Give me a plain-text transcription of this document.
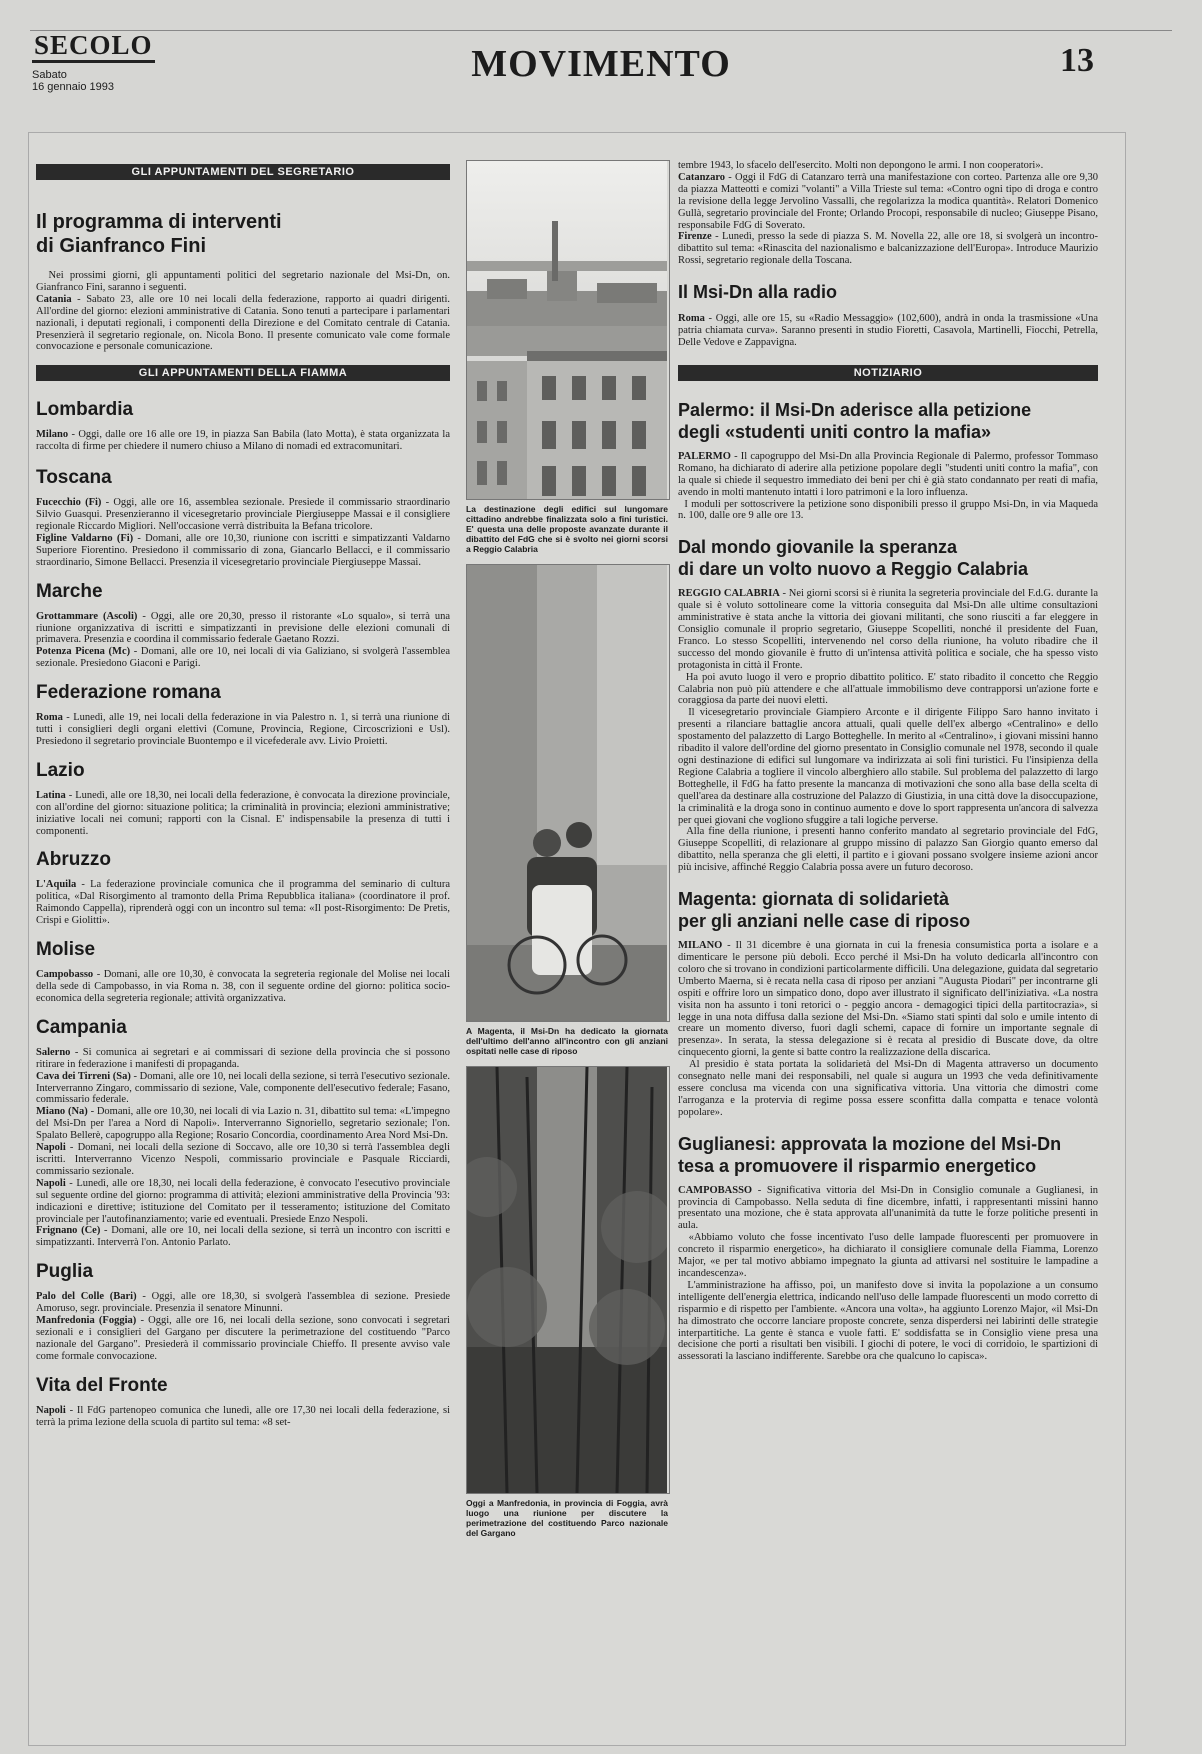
SECOLO
Sabato
16 gennaio 1993
MOVIMENTO	13
GLI APPUNTAMENTI DEL SEGRETARIO
Il programma di interventi
di Gianfranco Fini

Nei prossimi giorni, gli appuntamenti politici del segretario nazionale del Msi-Dn, on. Gianfranco Fini, saranno i seguenti.

Catania - Sabato 23, alle ore 10 nei locali della federazione, rapporto ai quadri dirigenti. All'ordine del giorno: elezioni amministrative di Catania. Sono tenuti a partecipare i parlamentari nazionali, i deputati regionali, i componenti della Direzione e del Comitato centrale di Catania. Presenzierà il segretario regionale, on. Nicola Bono. Il presente comunicato vale come formale convocazione e personale comunicazione.

GLI APPUNTAMENTI DELLA FIAMMA
Lombardia

Milano - Oggi, dalle ore 16 alle ore 19, in piazza San Babila (lato Motta), è stata organizzata la raccolta di firme per chiedere il numero chiuso a Milano di nomadi ed extracomunitari.

Toscana

Fucecchio (Fi) - Oggi, alle ore 16, assemblea sezionale. Presiede il commissario straordinario Silvio Guasqui. Presenzieranno il vicesegretario provinciale Piergiuseppe Massai e il consigliere regionale Riccardo Migliori. Nell'occasione verrà distribuita la Befana tricolore.

Figline Valdarno (Fi) - Domani, alle ore 10,30, riunione con iscritti e simpatizzanti Valdarno Superiore Fiorentino. Presiedono il commissario di zona, Giancarlo Bellacci, e il commissario straordinario, Simone Bellacci. Presenzia il vicesegretario provinciale Piergiuseppe Massai.

Marche

Grottammare (Ascoli) - Oggi, alle ore 20,30, presso il ristorante «Lo squalo», si terrà una riunione organizzativa di iscritti e simpatizzanti in previsione delle elezioni comunali di primavera. Presenzia e coordina il commissario federale Gaetano Rozzi.

Potenza Picena (Mc) - Domani, alle ore 10, nei locali di via Galiziano, si svolgerà l'assemblea sezionale. Presiedono Giaconi e Parigi.

Federazione romana

Roma - Lunedì, alle 19, nei locali della federazione in via Palestro n. 1, si terrà una riunione di tutti i consiglieri degli organi elettivi (Comune, Provincia, Regione, Circoscrizioni e Usl). Presiedono il segretario provinciale Buontempo e il vicefederale avv. Livio Proietti.

Lazio

Latina - Lunedì, alle ore 18,30, nei locali della federazione, è convocata la direzione provinciale, con all'ordine del giorno: situazione politica; la criminalità in provincia; elezioni amministrative; iniziative locali nei comuni; rapporti con la Cisnal. E' indispensabile la presenza di tutti i componenti.

Abruzzo

L'Aquila - La federazione provinciale comunica che il programma del seminario di cultura politica, «Dal Risorgimento al tramonto della Prima Repubblica italiana» (coordinatore il prof. Raimondo Cappella), riprenderà oggi con un incontro sul tema: «Il post-Risorgimento: De Pretis, Crispi e Giolitti».

Molise

Campobasso - Domani, alle ore 10,30, è convocata la segreteria regionale del Molise nei locali della sede di Campobasso, in via Roma n. 38, con il seguente ordine del giorno: politica socio-economica della segreteria regionale; attività organizzativa.

Campania

Salerno - Si comunica ai segretari e ai commissari di sezione della provincia che si possono ritirare in federazione i manifesti di propaganda.

Cava dei Tirreni (Sa) - Domani, alle ore 10, nei locali della sezione, si terrà l'esecutivo sezionale. Interverranno Zingaro, commissario di sezione, Vale, componente dell'esecutivo federale; Fasano, commissario federale.

Miano (Na) - Domani, alle ore 10,30, nei locali di via Lazio n. 31, dibattito sul tema: «L'impegno del Msi-Dn per l'area a Nord di Napoli». Interverranno Signoriello, segretario sezionale; l'on. Spalato Bellerè, capogruppo alla Regione; Rosario Concordia, coordinamento Area Nord Msi-Dn.

Napoli - Domani, nei locali della sezione di Soccavo, alle ore 10,30 si terrà l'assemblea degli iscritti. Interverranno Vicenzo Nespoli, commissario provinciale e Pasquale Ricciardi, commissario sezionale.

Napoli - Lunedì, alle ore 18,30, nei locali della federazione, è convocato l'esecutivo provinciale sul seguente ordine del giorno: programma di attività; elezioni amministrative della Provincia '93: indicazioni e direttive; istituzione del Comitato per il tesseramento; istituzione del Comitato provinciale per l'autofinanziamento; varie ed eventuali. Presiede Enzo Nespoli.

Frignano (Ce) - Domani, alle ore 10, nei locali della sezione, si terrà un incontro con iscritti e simpatizzanti. Interverrà l'on. Antonio Parlato.

Puglia

Palo del Colle (Bari) - Oggi, alle ore 18,30, si svolgerà l'assemblea di sezione. Presiede Amoruso, segr. provinciale. Presenzia il senatore Minunni.

Manfredonia (Foggia) - Oggi, alle ore 16, nei locali della sezione, sono convocati i segretari sezionali e i consiglieri del Gargano per discutere la perimetrazione del costituendo "Parco nazionale del Gargano". Presiederà il commissario provinciale Chieffo. Il presente avviso vale come formale convocazione.

Vita del Fronte

Napoli - Il FdG partenopeo comunica che lunedì, alle ore 17,30 nei locali della federazione, si terrà la prima lezione della scuola di partito sul tema: «8 set-

La destinazione degli edifici sul lungomare cittadino andrebbe finalizzata solo a fini turistici. E' questa una delle proposte avanzate durante il dibattito del FdG che si è svolto nei giorni scorsi a Reggio Calabria

A Magenta, il Msi-Dn ha dedicato la giornata dell'ultimo dell'anno all'incontro con gli anziani ospitati nelle case di riposo

Oggi a Manfredonia, in provincia di Foggia, avrà luogo una riunione per discutere la perimetrazione del costituendo Parco nazionale del Gargano

tembre 1943, lo sfacelo dell'esercito. Molti non depongono le armi. I non cooperatori».

Catanzaro - Oggi il FdG di Catanzaro terrà una manifestazione con corteo. Partenza alle ore 9,30 da piazza Matteotti e comizi "volanti" a Villa Trieste sul tema: «Contro ogni tipo di droga e contro la revisione della legge Jervolino Vassalli, che regolarizza la modica quantità». Relatori Domenico Gullà, segretario provinciale del Fronte; Orlando Procopi, responsabile di nucleo; Giuseppe Pisano, responsabile FdG di Soverato.

Firenze - Lunedì, presso la sede di piazza S. M. Novella 22, alle ore 18, si svolgerà un incontro-dibattito sul tema: «Rinascita del nazionalismo e balcanizzazione dell'Europa». Introduce Maurizio Rossi, segretario regionale della Toscana.

Il Msi-Dn alla radio

Roma - Oggi, alle ore 15, su «Radio Messaggio» (102,600), andrà in onda la trasmissione «Una patria chiamata curva». Saranno presenti in studio Fioretti, Casavola, Martinelli, Fiocchi, Petrella, Delle Vedove e Zappavigna.

NOTIZIARIO
Palermo: il Msi-Dn aderisce alla petizione
degli «studenti uniti contro la mafia»

PALERMO - Il capogruppo del Msi-Dn alla Provincia Regionale di Palermo, professor Tommaso Romano, ha dichiarato di aderire alla petizione popolare degli "studenti uniti contro la mafia", con la quale si chiede il sequestro immediato dei beni per chi è già stato condannato per reati di mafia, avendo in molti mantenuto intatti i loro patrimoni e la loro influenza.

I moduli per sottoscrivere la petizione sono disponibili presso il gruppo Msi-Dn, in via Maqueda n. 100, dalle ore 9 alle ore 13.

Dal mondo giovanile la speranza
di dare un volto nuovo a Reggio Calabria

REGGIO CALABRIA - Nei giorni scorsi si è riunita la segreteria provinciale del F.d.G. durante la quale si è voluto sottolineare come la vittoria conseguita dal Msi-Dn alle ultime consultazioni amministrative è stata anche la vittoria dei giovani militanti, che sono riusciti a far eleggere in Consiglio comunale il proprio segretario, Giuseppe Scopelliti, nonché il presidente del Fuan, Franco. Lo stesso Scopelliti, intervenendo nel corso della riunione, ha voluto ribadire che il successo del mondo giovanile è frutto di un'intensa attività politica e sociale, che ha spesso visto protagonista in città il Fronte.

Ha poi avuto luogo il vero e proprio dibattito politico. E' stato ribadito il concetto che Reggio Calabria non può più attendere e che all'attuale immobilismo deve contrapporsi un'azione forte e coraggiosa da parte dei nuovi eletti.

Il vicesegretario provinciale Giampiero Arconte e il dirigente Filippo Saro hanno invitato i presenti a rilanciare battaglie ancora attuali, quali quelle dell'ex albergo «Centralino» e dello spostamento del palazzetto di Largo Botteghelle. In merito al «Centralino», i giovani missini hanno ribadito il valore dell'ordine del giorno presentato in Consiglio comunale nel 1978, secondo il quale ogni destinazione di edifici sul lungomare va indirizzata ai soli fini turistici. Fu l'insipienza della Regione Calabria a togliere il vincolo alberghiero allo stabile. Sul problema del palazzetto di largo Botteghelle, il FdG ha fatto presente la mancanza di motivazioni che sono alla base della scelta di quell'area da destinare alla costruzione del Palazzo di Giustizia, in una città dove la disoccupazione, la criminalità e la droga sono in continuo aumento e dove lo sport rappresenta un'ancora di salvezza per quei giovani che vogliono sfuggire a tali logiche perverse.

Alla fine della riunione, i presenti hanno conferito mandato al segretario provinciale del FdG, Giuseppe Scopelliti, di relazionare al gruppo missino di palazzo San Giorgio quanto emerso dal dibattito, nella speranza che gli eletti, il partito e i giovani possano svolgere insieme azioni ancor più incisive, affinché Reggio Calabria possa avere un futuro decoroso.

Magenta: giornata di solidarietà
per gli anziani nelle case di riposo

MILANO - Il 31 dicembre è una giornata in cui la frenesia consumistica porta a isolare e a dimenticare le persone più deboli. Ecco perché il Msi-Dn ha voluto dedicarla all'incontro con coloro che si trovano in condizioni particolarmente difficili. Una delegazione, guidata dal segretario Umberto Maerna, si è recata nella casa di riposo per anziani "Augusta Piodari" per incontrarne gli ospiti e offrire loro un simpatico dono, dopo aver illustrato il significato dell'iniziativa. «La nostra visita non ha assunto i toni retorici o - peggio ancora - demagogici tipici della partitocrazia», si legge in una nota diffusa dalla sezione del Msi-Dn. «Siamo stati spinti dal solo e umile intento di creare un momento diverso, fuori dagli schemi, capace di fornire un importante segnale di presenza». In serata, la stessa delegazione si è recata al presidio di Buscate dove, da oltre cinquecento giorni, la gente si batte contro la realizzazione della discarica.

Al presidio è stata portata la solidarietà del Msi-Dn di Magenta attraverso un documento consegnato nelle mani dei responsabili, nel quale si augura un 1993 che veda definitivamente essere conclusa ma vicenda con una significativa vittoria. Una vittoria che dimostri come l'arroganza e la protervia di regime possa essere sconfitta dalla compatta e tenace volontà popolare».

Guglianesi: approvata la mozione del Msi-Dn
tesa a promuovere il risparmio energetico

CAMPOBASSO - Significativa vittoria del Msi-Dn in Consiglio comunale a Guglianesi, in provincia di Campobasso. Nella seduta di fine dicembre, infatti, i rappresentanti missini hanno presentato una mozione, che è stata approvata all'unanimità da tutte le forze politiche presenti in aula.

«Abbiamo voluto che fosse incentivato l'uso delle lampade fluorescenti per promuovere in concreto il risparmio energetico», ha dichiarato il consigliere comunale della Fiamma, Lorenzo Major, «e per tal motivo abbiamo impegnato la giunta ad attivarsi nel sostituire le lampadine a incandescenza».

L'amministrazione ha affisso, poi, un manifesto dove si invita la popolazione a un consumo intelligente dell'energia elettrica, indicando nell'uso delle lampade fluorescenti un modo corretto di risparmio e di rispetto per l'ambiente. «Ancora una volta», ha aggiunto Lorenzo Major, «il Msi-Dn ha dimostrato che occorre lanciare proposte concrete, senza disperdersi nei labirinti delle strategie interpartitiche. La gente è stanca e vuole fatti. E' soddisfatta se in Consiglio viene presa una decisione che porti a risultati ben visibili. I giochi di potere, le voci di corridoio, le spartizioni di assessorati la lasciano indifferente. Sarebbe ora che qualcuno lo capisca».
